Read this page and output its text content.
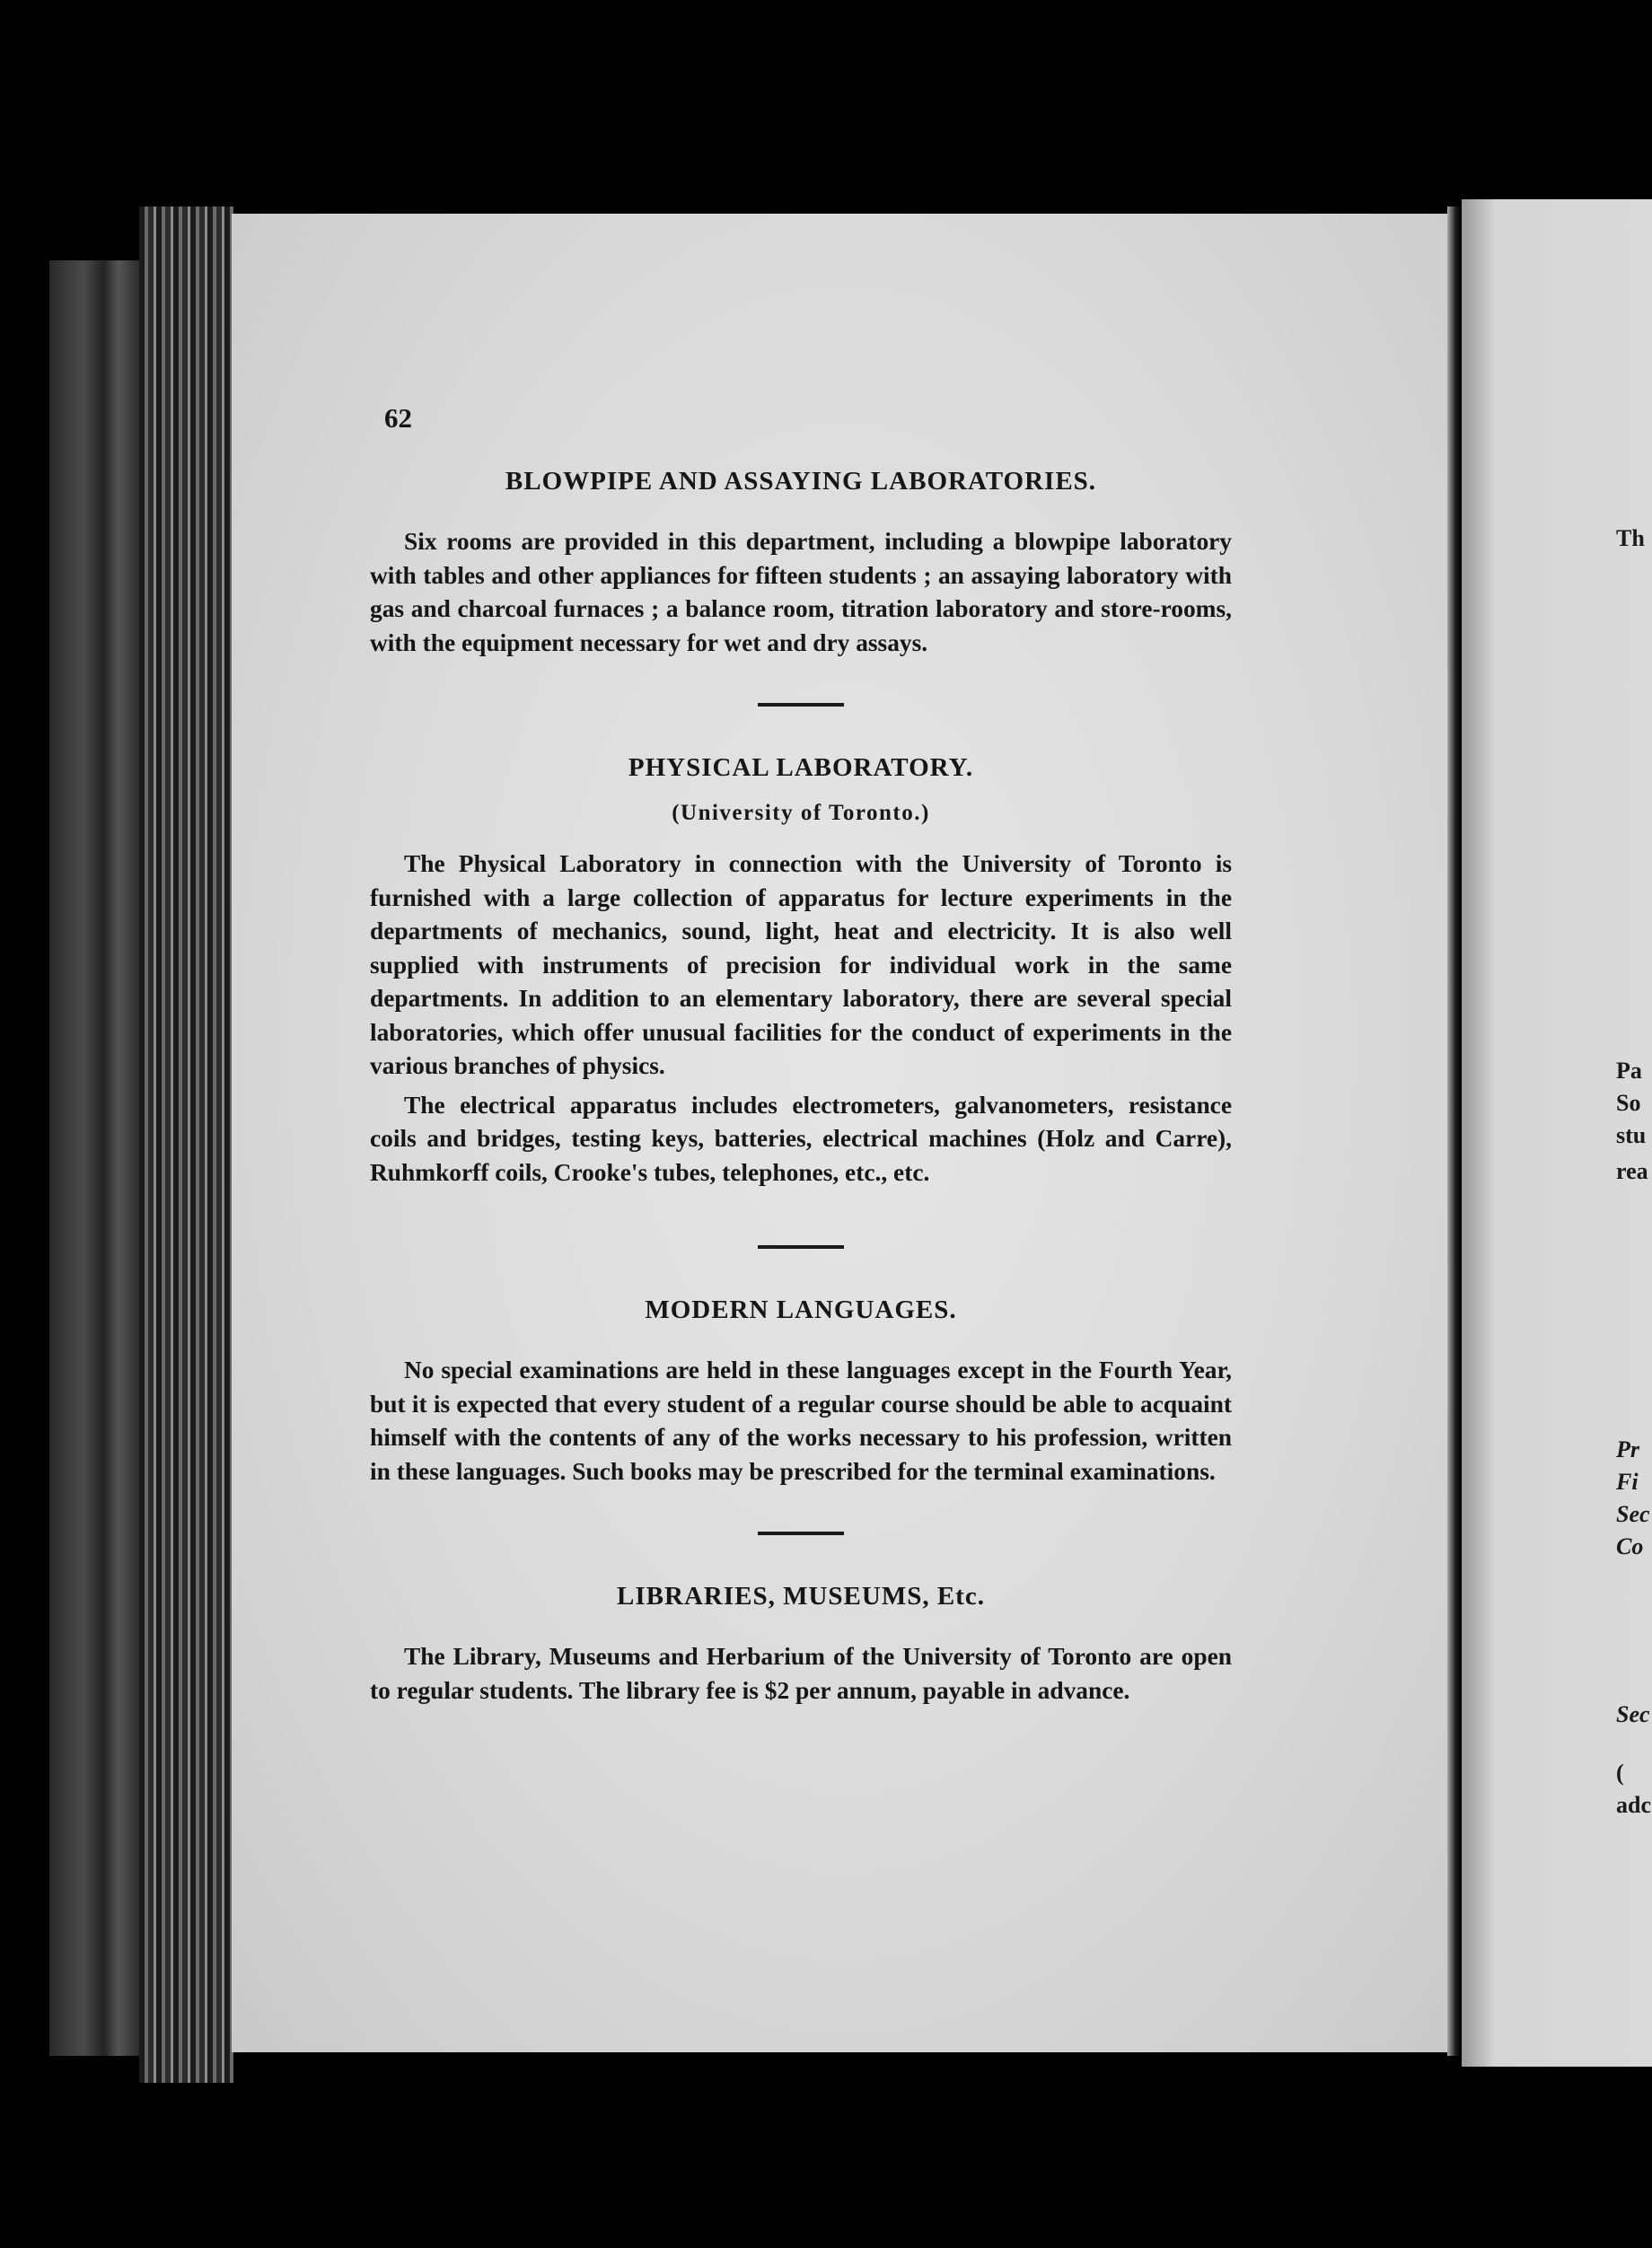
Th
Pa
So
stu
rea
Pr
Fi
Sec
Co
Sec
(
adc
62
BLOWPIPE AND ASSAYING LABORATORIES.

Six rooms are provided in this department, including a blowpipe laboratory with tables and other appliances for fifteen students ; an assaying laboratory with gas and charcoal furnaces ; a balance room, titration laboratory and store-rooms, with the equipment necessary for wet and dry assays.

PHYSICAL LABORATORY.
(University of Toronto.)

The Physical Laboratory in connection with the University of Toronto is furnished with a large collection of apparatus for lecture experiments in the departments of mechanics, sound, light, heat and electricity. It is also well supplied with instruments of precision for individual work in the same departments. In addition to an elementary laboratory, there are several special laboratories, which offer unusual facilities for the conduct of experiments in the various branches of physics.

The electrical apparatus includes electrometers, galvanometers, resistance coils and bridges, testing keys, batteries, electrical machines (Holz and Carre), Ruhmkorff coils, Crooke's tubes, telephones, etc., etc.

MODERN LANGUAGES.

No special examinations are held in these languages except in the Fourth Year, but it is expected that every student of a regular course should be able to acquaint himself with the contents of any of the works necessary to his profession, written in these languages. Such books may be prescribed for the terminal examinations.

LIBRARIES, MUSEUMS, Etc.

The Library, Museums and Herbarium of the University of Toronto are open to regular students. The library fee is $2 per annum, payable in advance.
